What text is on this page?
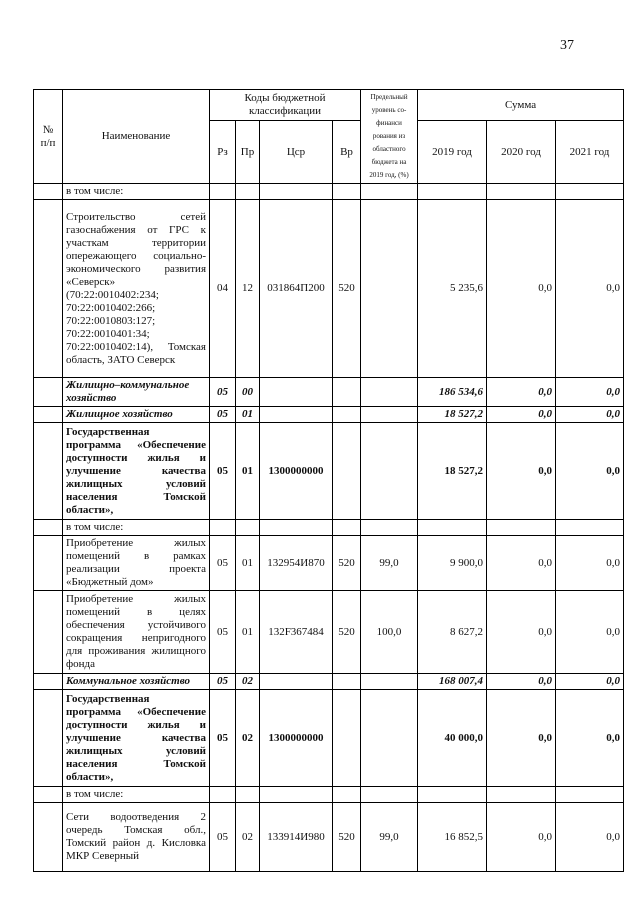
37
№ п/п	Наименование	Коды бюджетной классификации				Предельный уровень со-финанси рования из областного бюджета на 2019 год, (%)	Сумма		
		Рз	Пр	Цср	Вр		2019 год	2020 год	2021 год
	в том числе:								
	Строительство сетей газоснабжения от ГРС к участкам территории опережающего социально-экономического развития «Северск» (70:22:0010402:234; 70:22:0010402:266; 70:22:0010803:127; 70:22:0010401:34; 70:22:0010402:14), Томская область, ЗАТО Северск	04	12	031864П200	520		5 235,6	0,0	0,0
	Жилищно–коммунальное хозяйство	05	00				186 534,6	0,0	0,0
	Жилищное хозяйство	05	01				18 527,2	0,0	0,0
	Государственная программа «Обеспечение доступности жилья и улучшение качества жилищных условий населения Томской области»,	05	01	1300000000			18 527,2	0,0	0,0
	в том числе:								
	Приобретение жилых помещений в рамках реализации проекта «Бюджетный дом»	05	01	132954И870	520	99,0	9 900,0	0,0	0,0
	Приобретение жилых помещений в целях обеспечения устойчивого сокращения непригодного для проживания жилищного фонда	05	01	132F367484	520	100,0	8 627,2	0,0	0,0
	Коммунальное хозяйство	05	02				168 007,4	0,0	0,0
	Государственная программа «Обеспечение доступности жилья и улучшение качества жилищных условий населения Томской области»,	05	02	1300000000			40 000,0	0,0	0,0
	в том числе:								
	Сети водоотведения 2 очередь Томская обл., Томский район д. Кисловка МКР Северный	05	02	133914И980	520	99,0	16 852,5	0,0	0,0
